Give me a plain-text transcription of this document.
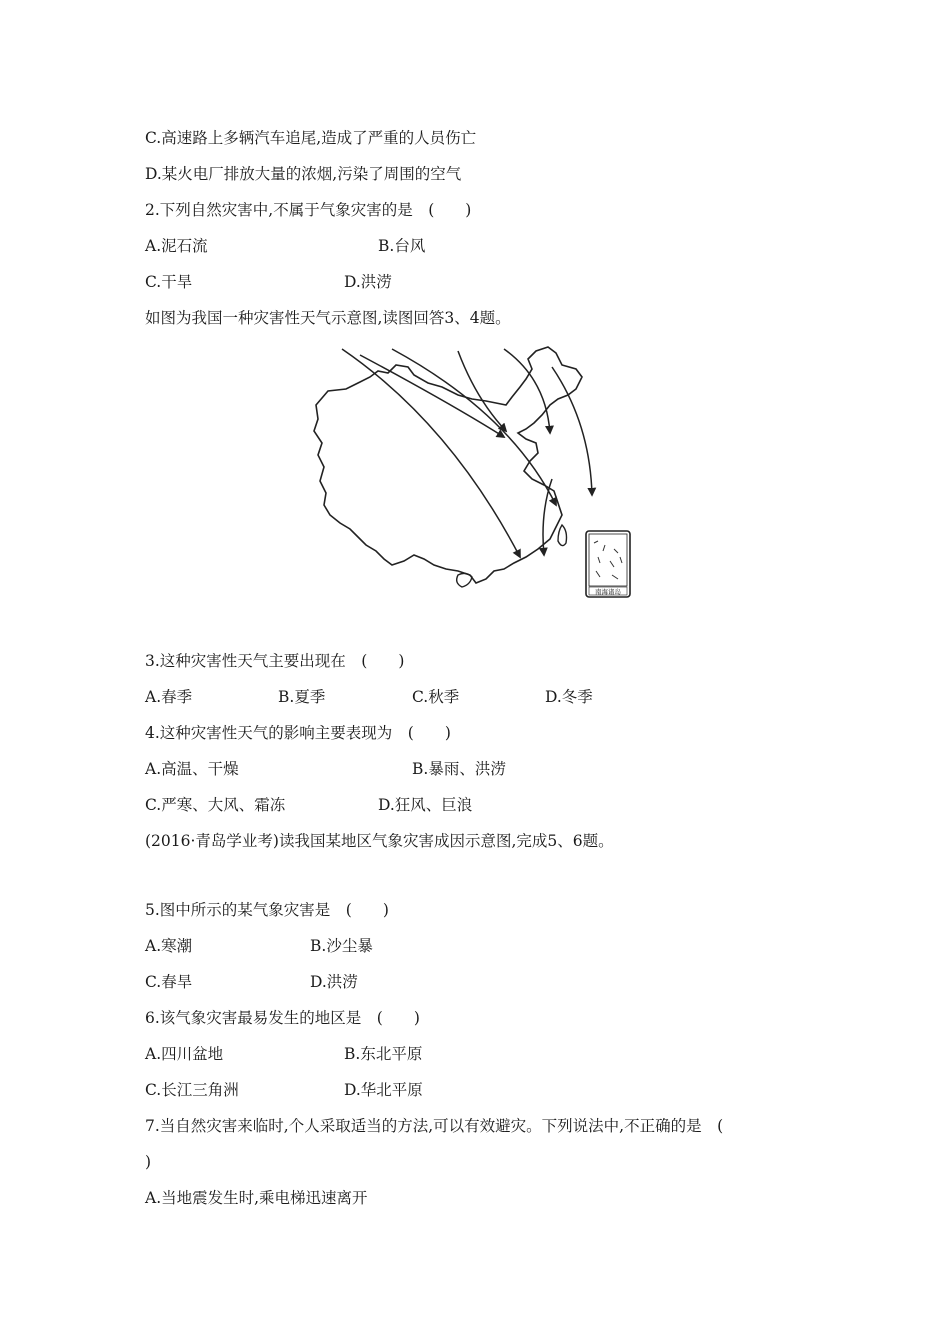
C.高速路上多辆汽车追尾,造成了严重的人员伤亡
D.某火电厂排放大量的浓烟,污染了周围的空气
2.下列自然灾害中,不属于气象灾害的是　(　　)
A.泥石流	B.台风
C.干旱	D.洪涝
如图为我国一种灾害性天气示意图,读图回答3、4题。
南海诸岛
3.这种灾害性天气主要出现在　(　　)
A.春季	B.夏季	C.秋季	D.冬季
4.这种灾害性天气的影响主要表现为　(　　)
A.高温、干燥	B.暴雨、洪涝
C.严寒、大风、霜冻	D.狂风、巨浪
(2016·青岛学业考)读我国某地区气象灾害成因示意图,完成5、6题。
5.图中所示的某气象灾害是　(　　)
A.寒潮	B.沙尘暴
C.春旱	D.洪涝
6.该气象灾害最易发生的地区是　(　　)
A.四川盆地	B.东北平原
C.长江三角洲	D.华北平原
7.当自然灾害来临时,个人采取适当的方法,可以有效避灾。下列说法中,不正确的是　(
)
A.当地震发生时,乘电梯迅速离开
